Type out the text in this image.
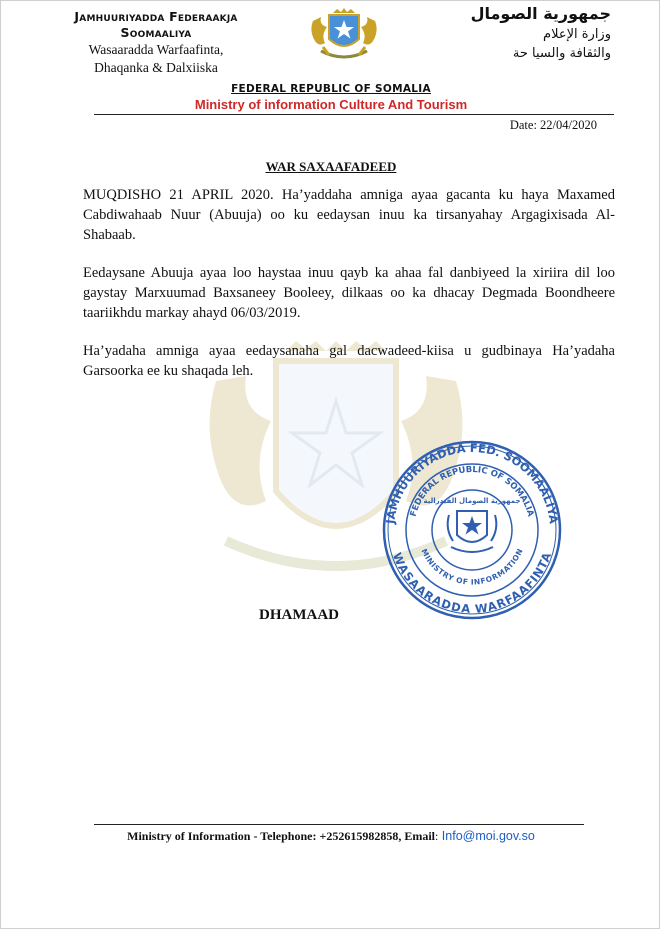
Jamhuuriyadda Federaakja
Soomaaliya
Wasaaradda Warfaafinta,
Dhaqanka & Dalxiiska
جمهورية الصومال
وزارة الإعلام
والثقافة والسيا حة
FEDERAL REPUBLIC OF SOMALIA
Ministry of information Culture And Tourism
Date: 22/04/2020
WAR SAXAAFADEED

MUQDISHO 21 APRIL 2020. Ha’yaddaha amniga ayaa gacanta ku haya Maxamed Cabdiwahaab Nuur (Abuuja) oo ku eedaysan inuu ka tirsanyahay Argagixisada Al-Shabaab.

Eedaysane Abuuja ayaa loo haystaa inuu qayb ka ahaa fal danbiyeed la xiriira dil loo gaystay Marxuumad Baxsaneey Booleey, dilkaas oo ka dhacay Degmada Boondheere taariikhdu markay ahayd 06/03/2019.

Ha’yadaha amniga ayaa eedaysanaha gal dacwadeed-kiisa u gudbinaya Ha’yadaha Garsoorka ee ku shaqada leh.

JAMHUURIYADDA FED. SOOMAALIYA
WASAARADDA WARFAAFINTA
FEDERAL REPUBLIC OF SOMALIA
MINISTRY OF INFORMATION
جمهورية الصومال الفيدرالية
DHAMAAD
Ministry of Information - Telephone: +252615982858, Email: Info@moi.gov.so
